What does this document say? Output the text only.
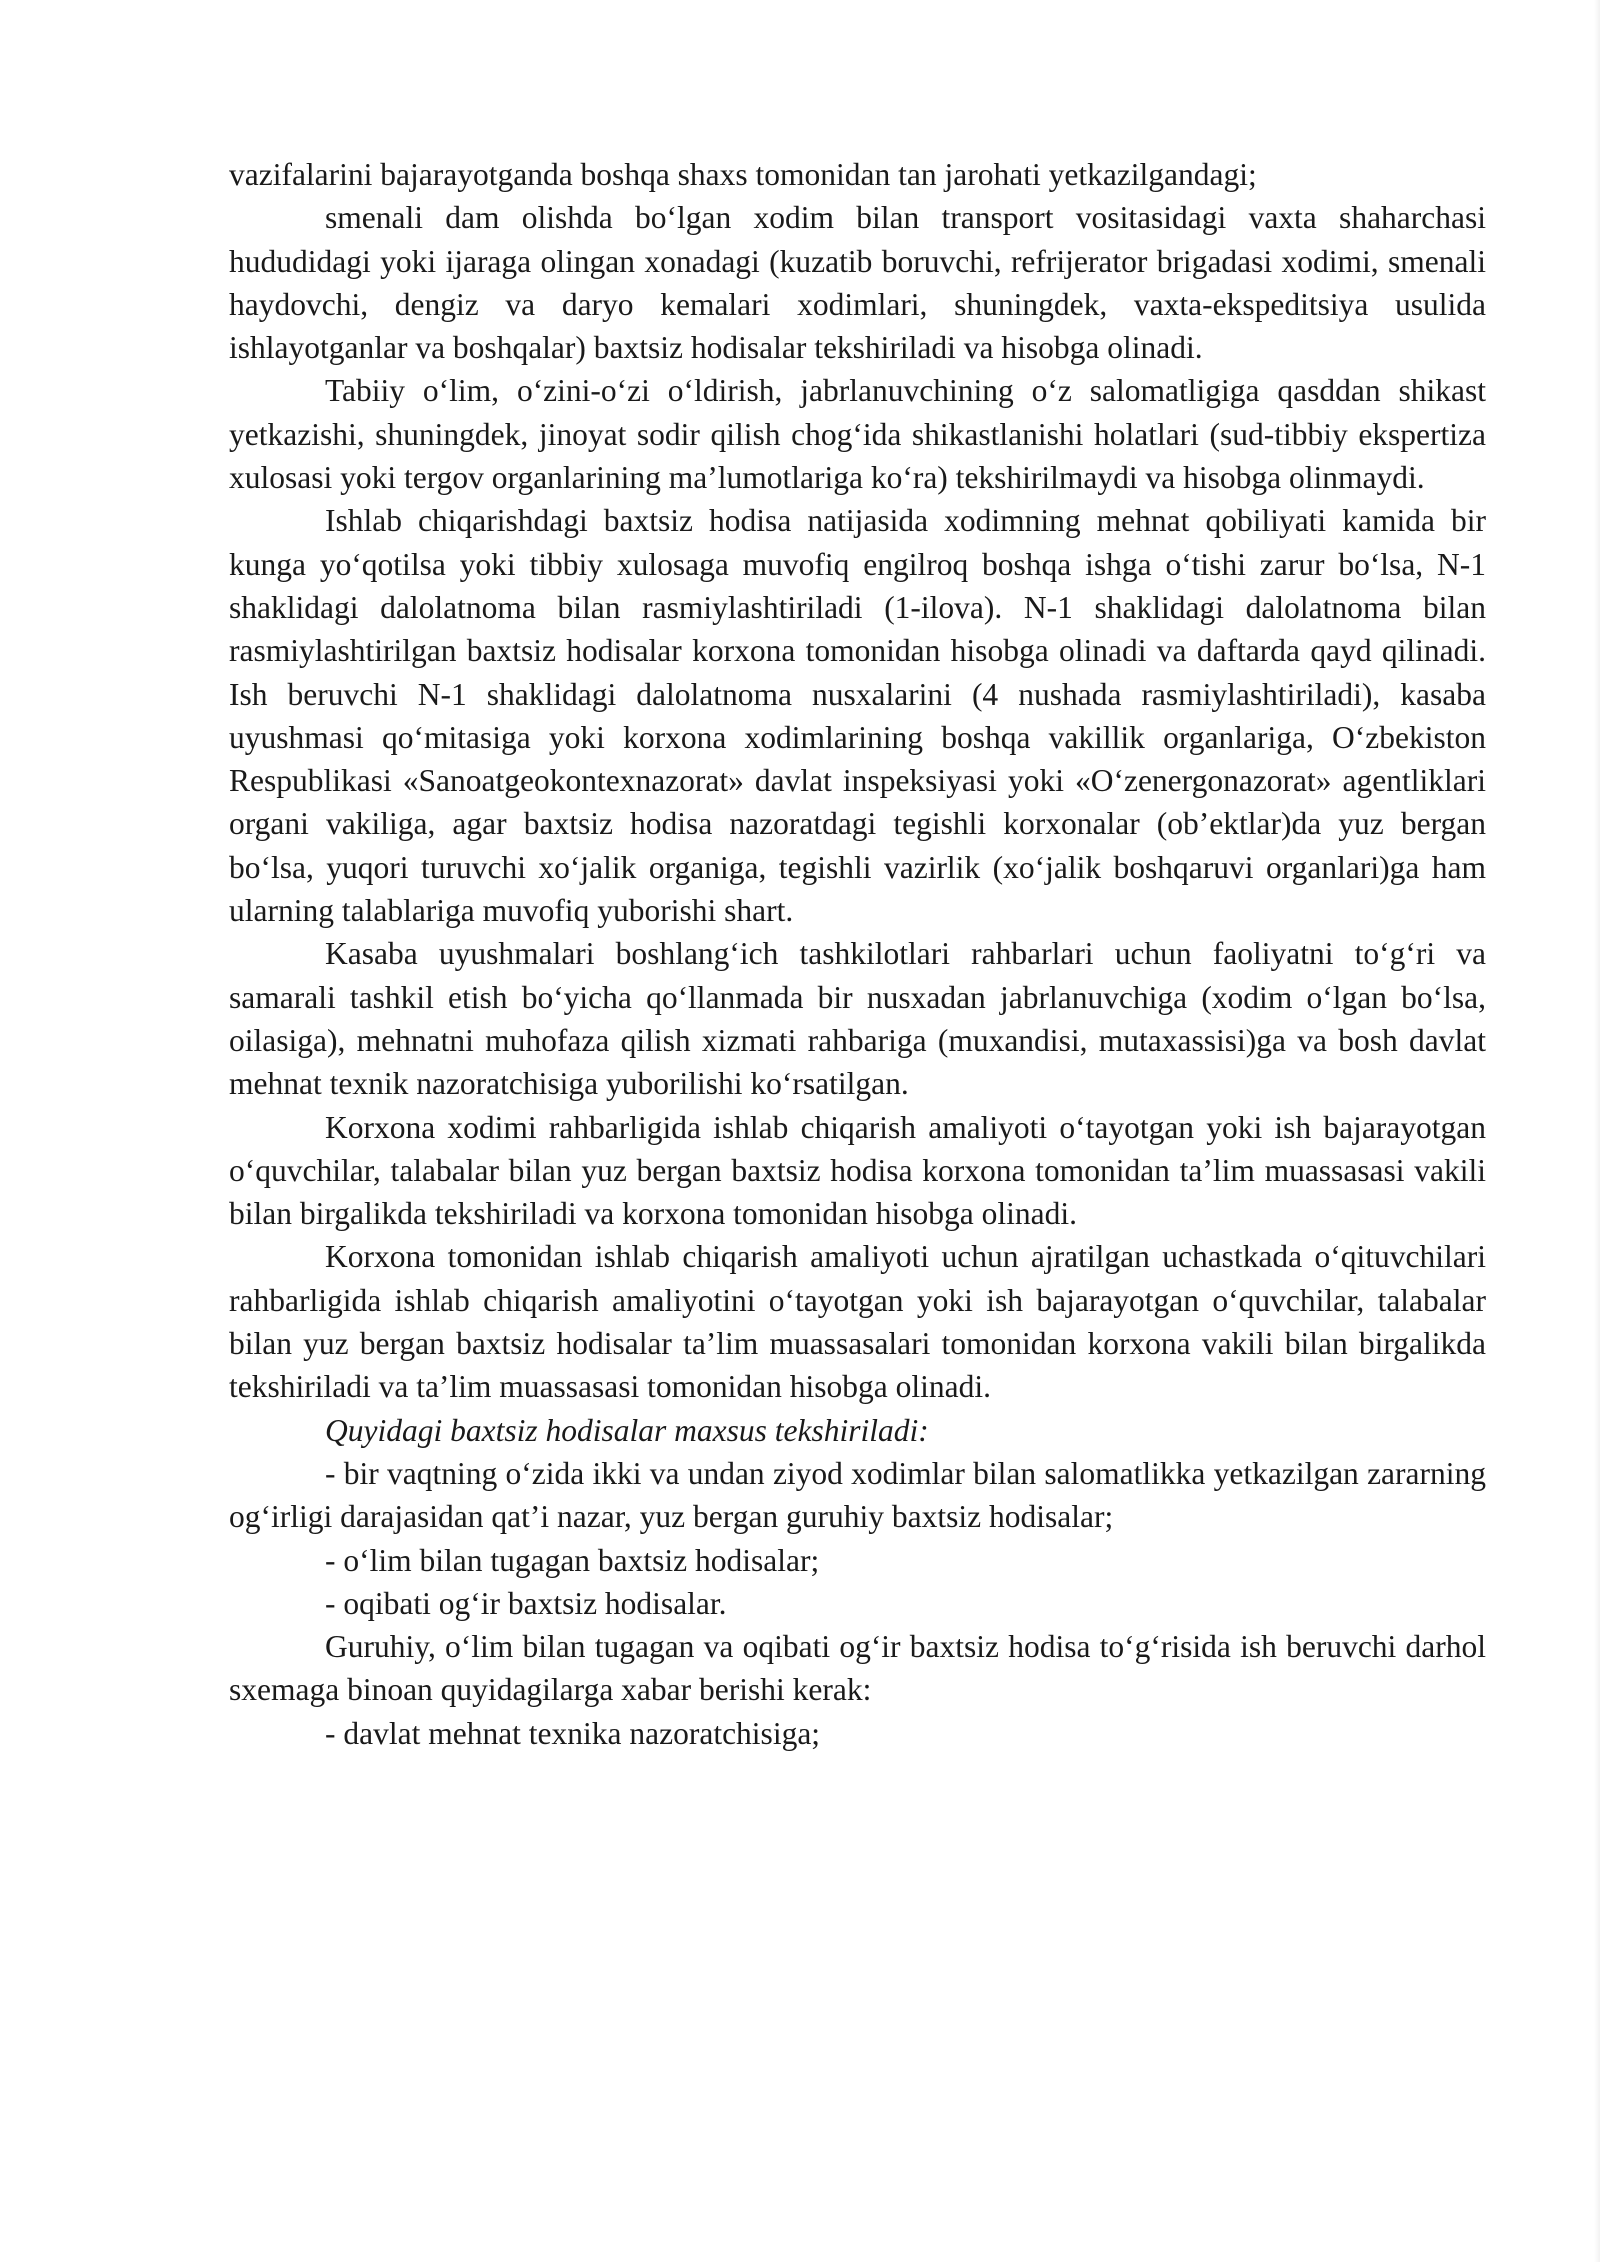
vazifalarini bajarayotganda boshqa shaxs tomonidan tan jarohati yetkazilgandagi;

smenali dam olishda bo‘lgan xodim bilan transport vositasidagi vaxta shaharchasi hududidagi yoki ijaraga olingan xonadagi (kuzatib boruvchi, refrijerator brigadasi xodimi, smenali haydovchi, dengiz va daryo kemalari xodimlari, shuningdek, vaxta-ekspeditsiya usulida ishlayotganlar va boshqalar) baxtsiz hodisalar tekshiriladi va hisobga olinadi.

Tabiiy o‘lim, o‘zini-o‘zi o‘ldirish, jabrlanuvchining o‘z salomatligiga qasddan shikast yetkazishi, shuningdek, jinoyat sodir qilish chog‘ida shikastlanishi holatlari (sud-tibbiy ekspertiza xulosasi yoki tergov organlarining ma’lumotlariga ko‘ra) tekshirilmaydi va hisobga olinmaydi.

Ishlab chiqarishdagi baxtsiz hodisa natijasida xodimning mehnat qobiliyati kamida bir kunga yo‘qotilsa yoki tibbiy xulosaga muvofiq engilroq boshqa ishga o‘tishi zarur bo‘lsa, N-1 shaklidagi dalolatnoma bilan rasmiylashtiriladi (1-ilova). N-1 shaklidagi dalolatnoma bilan rasmiylashtirilgan baxtsiz hodisalar korxona tomonidan hisobga olinadi va daftarda qayd qilinadi. Ish beruvchi N-1 shaklidagi dalolatnoma nusxalarini (4 nushada rasmiylashtiriladi), kasaba uyushmasi qo‘mitasiga yoki korxona xodimlarining boshqa vakillik organlariga, O‘zbekiston Respublikasi «Sanoatgeokontexnazorat» davlat inspeksiyasi yoki «O‘zenergonazorat» agentliklari organi vakiliga, agar baxtsiz hodisa nazoratdagi tegishli korxonalar (ob’ektlar)da yuz bergan bo‘lsa, yuqori turuvchi xo‘jalik organiga, tegishli vazirlik (xo‘jalik boshqaruvi organlari)ga ham ularning talablariga muvofiq yuborishi shart.

Kasaba uyushmalari boshlang‘ich tashkilotlari rahbarlari uchun faoliyatni to‘g‘ri va samarali tashkil etish bo‘yicha qo‘llanmada bir nusxadan jabrlanuvchiga (xodim o‘lgan bo‘lsa, oilasiga), mehnatni muhofaza qilish xizmati rahbariga (muxandisi, mutaxassisi)ga va bosh davlat mehnat texnik nazoratchisiga yuborilishi ko‘rsatilgan.

Korxona xodimi rahbarligida ishlab chiqarish amaliyoti o‘tayotgan yoki ish bajarayotgan o‘quvchilar, talabalar bilan yuz bergan baxtsiz hodisa korxona tomonidan ta’lim muassasasi vakili bilan birgalikda tekshiriladi va korxona tomonidan hisobga olinadi.

Korxona tomonidan ishlab chiqarish amaliyoti uchun ajratilgan uchastkada o‘qituvchilari rahbarligida ishlab chiqarish amaliyotini o‘tayotgan yoki ish bajarayotgan o‘quvchilar, talabalar bilan yuz bergan baxtsiz hodisalar ta’lim muassasalari tomonidan korxona vakili bilan birgalikda tekshiriladi va ta’lim muassasasi tomonidan hisobga olinadi.

Quyidagi baxtsiz hodisalar maxsus tekshiriladi:

- bir vaqtning o‘zida ikki va undan ziyod xodimlar bilan salomatlikka yetkazilgan zararning og‘irligi darajasidan qat’i nazar, yuz bergan guruhiy baxtsiz hodisalar;

- o‘lim bilan tugagan baxtsiz hodisalar;

- oqibati og‘ir baxtsiz hodisalar.

Guruhiy, o‘lim bilan tugagan va oqibati og‘ir baxtsiz hodisa to‘g‘risida ish beruvchi darhol sxemaga binoan quyidagilarga xabar berishi kerak:

- davlat mehnat texnika nazoratchisiga;
